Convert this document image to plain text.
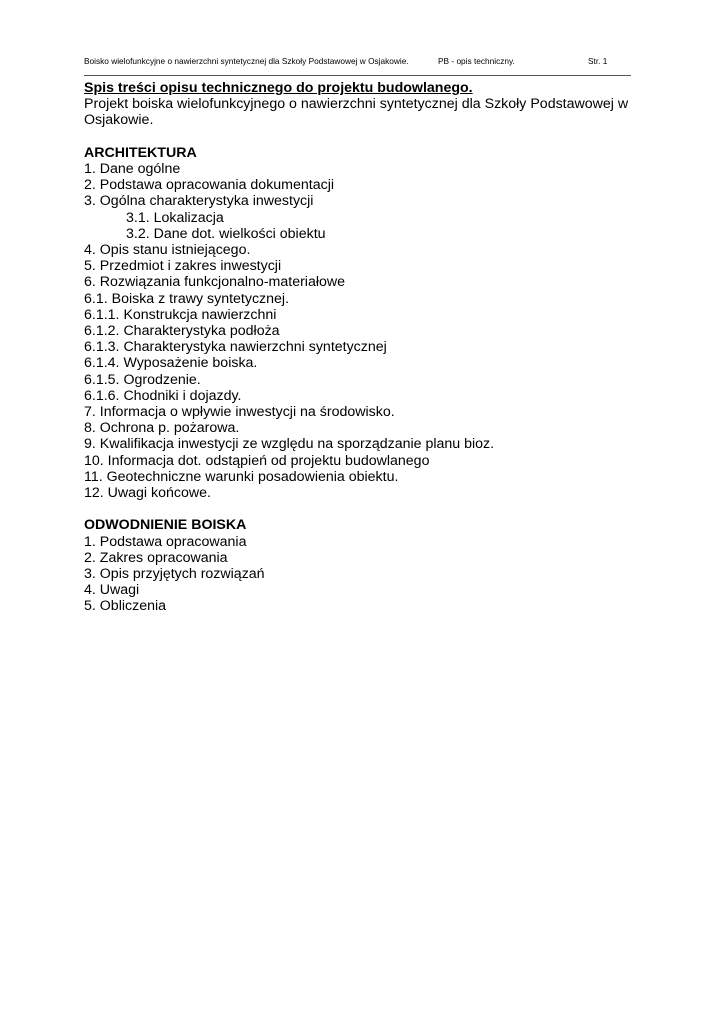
Boisko wielofunkcyjne o nawierzchni syntetycznej dla Szkoły Podstawowej w Osjakowie.	PB - opis techniczny.	Str. 1

Spis treści opisu technicznego do projektu budowlanego.

Projekt boiska wielofunkcyjnego o nawierzchni syntetycznej dla Szkoły Podstawowej w Osjakowie.

ARCHITEKTURA

1. Dane ogólne
2. Podstawa opracowania dokumentacji
3. Ogólna charakterystyka inwestycji
3.1. Lokalizacja
3.2. Dane dot. wielkości obiektu
4. Opis stanu istniejącego.
5. Przedmiot i zakres inwestycji
6. Rozwiązania funkcjonalno-materiałowe
6.1. Boiska z trawy syntetycznej.
6.1.1. Konstrukcja nawierzchni
6.1.2. Charakterystyka podłoża
6.1.3. Charakterystyka nawierzchni syntetycznej
6.1.4. Wyposażenie boiska.
6.1.5. Ogrodzenie.
6.1.6. Chodniki i dojazdy.
7. Informacja o wpływie inwestycji na środowisko.
8. Ochrona p. pożarowa.
9. Kwalifikacja inwestycji ze względu na sporządzanie planu bioz.
10. Informacja dot. odstąpień od projektu budowlanego
11. Geotechniczne warunki posadowienia obiektu.
12. Uwagi końcowe.

ODWODNIENIE BOISKA

1. Podstawa opracowania
2. Zakres opracowania
3. Opis przyjętych rozwiązań
4. Uwagi
5. Obliczenia
